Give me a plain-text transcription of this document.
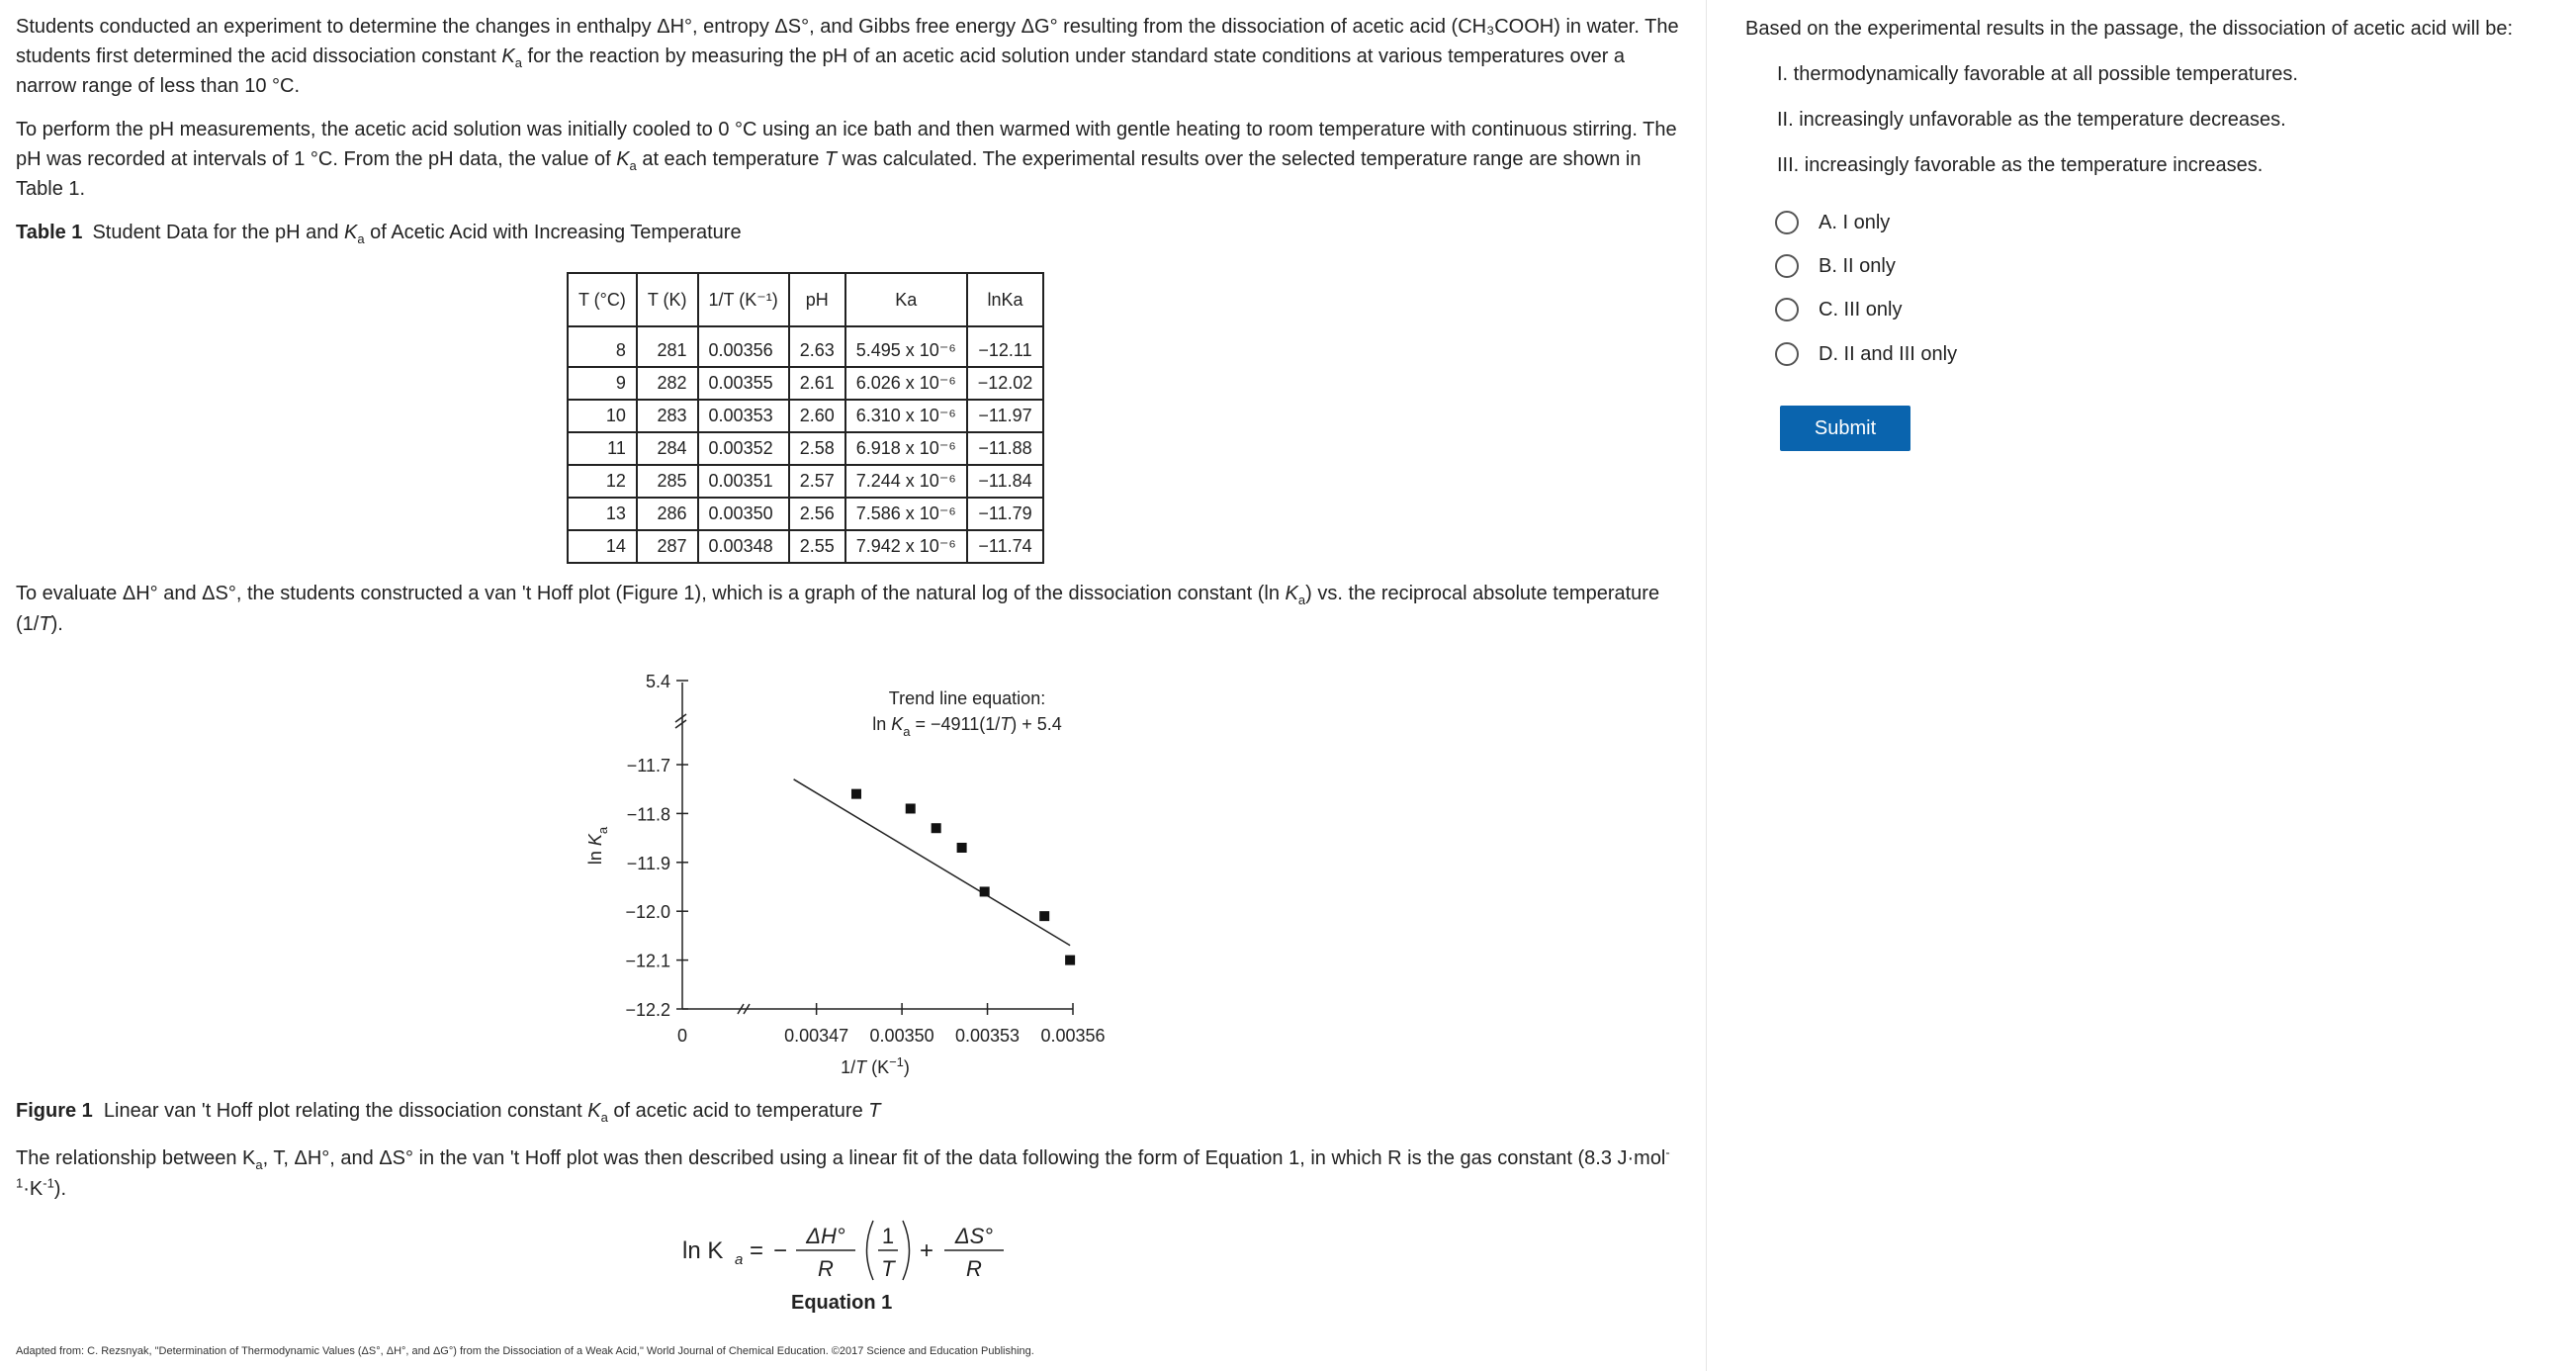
Students conducted an experiment to determine the changes in enthalpy ΔH°, entropy ΔS°, and Gibbs free energy ΔG° resulting from the dissociation of acetic acid (CH₃COOH) in water. The students first determined the acid dissociation constant $K_a$ for the reaction by measuring the pH of an acetic acid solution under standard state conditions at various temperatures over a narrow range of less than 10 °C.

To perform the pH measurements, the acetic acid solution was initially cooled to 0 °C using an ice bath and then warmed with gentle heating to room temperature with continuous stirring. The pH was recorded at intervals of 1 °C. From the pH data, the value of $K_a$ at each temperature T was calculated. The experimental results over the selected temperature range are shown in Table 1.

Table 1 Student Data for the pH and $K_a$ of Acetic Acid with Increasing Temperature
T (°C)	T (K)	1/T (K⁻¹)	pH	Ka	lnKa
8	281	0.00356	2.63	5.495 x 10⁻⁶	−12.11
9	282	0.00355	2.61	6.026 x 10⁻⁶	−12.02
10	283	0.00353	2.60	6.310 x 10⁻⁶	−11.97
11	284	0.00352	2.58	6.918 x 10⁻⁶	−11.88
12	285	0.00351	2.57	7.244 x 10⁻⁶	−11.84
13	286	0.00350	2.56	7.586 x 10⁻⁶	−11.79
14	287	0.00348	2.55	7.942 x 10⁻⁶	−11.74
To evaluate ΔH° and ΔS°, the students constructed a van 't Hoff plot (Figure 1), which is a graph of the natural log of the dissociation constant (ln $K_a$) vs. the reciprocal absolute temperature (1/T).
5.4
0
1/T $(K^{-1})$
$\ln K_a$
Trend line equation:
$\ln K_a = -4911(1/T) + 5.4$
−11.7
−11.8
−11.9
−12.0
−12.1
−12.2
0.00347 0.00350 0.00353 0.00356
Figure 1 Linear van 't Hoff plot relating the dissociation constant $K_a$ of acetic acid to temperature T
The relationship between $K_a$, T, ΔH°, and ΔS° in the van 't Hoff plot was then described using a linear fit of the data following the form of Equation 1, in which R is the gas constant (8.3 $J\cdot mol^{-1}\cdot K^{-1}$).
ln K a = −
ΔH°
R
1
T
+
ΔS°
R
Equation 1
Adapted from: C. Rezsnyak, "Determination of Thermodynamic Values (ΔS°, ΔH°, and ΔG°) from the Dissociation of a Weak Acid," World Journal of Chemical Education. ©2017 Science and Education Publishing.

Based on the experimental results in the passage, the dissociation of acetic acid will be:

I. thermodynamically favorable at all possible temperatures.
II. increasingly unfavorable as the temperature decreases.
III. increasingly favorable as the temperature increases.
A. I only
B. II only
C. III only
D. II and III only
Submit
